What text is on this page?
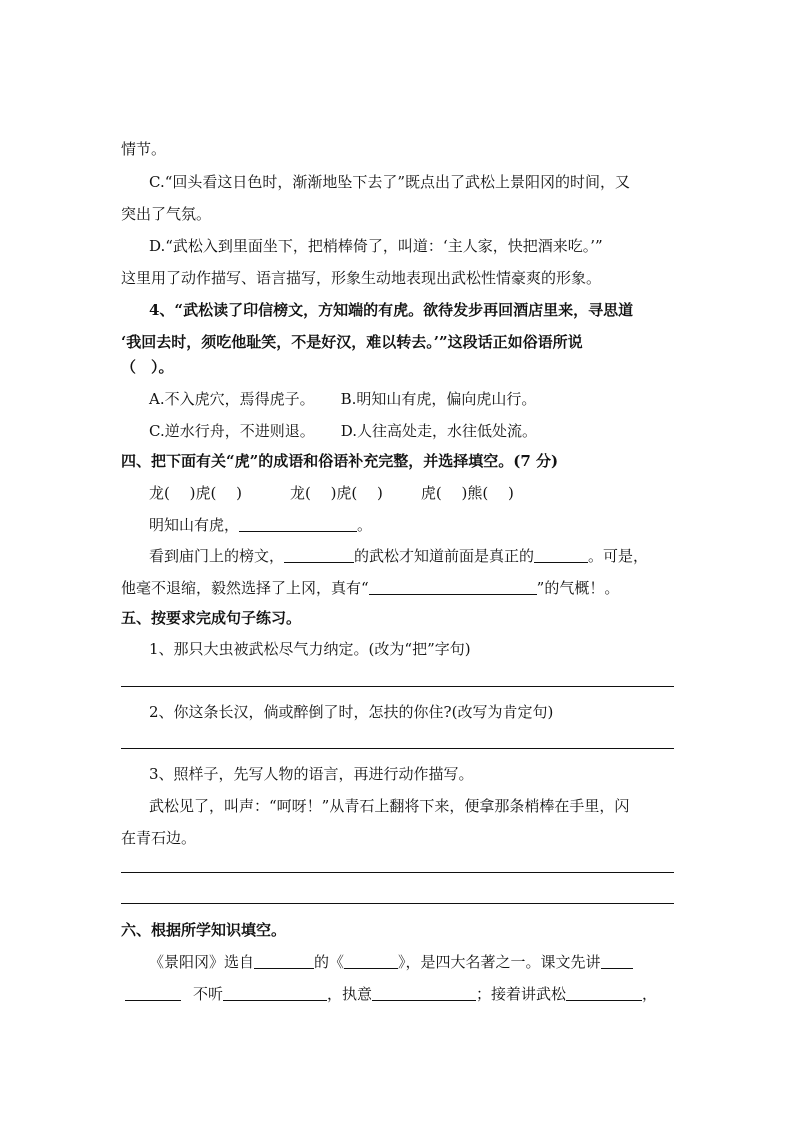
情节。
C.“回头看这日色时，渐渐地坠下去了”既点出了武松上景阳冈的时间，又
突出了气氛。
D.“武松入到里面坐下，把梢棒倚了，叫道：‘主人家，快把酒来吃。’”
这里用了动作描写、语言描写，形象生动地表现出武松性情豪爽的形象。
4、“武松读了印信榜文，方知端的有虎。欲待发步再回酒店里来，寻思道
‘我回去时，须吃他耻笑，不是好汉，难以转去。’”这段话正如俗语所说
（　）。
A.不入虎穴，焉得虎子。 B.明知山有虎，偏向虎山行。
C.逆水行舟，不进则退。 D.人往高处走，水往低处流。
四、把下面有关“虎”的成语和俗语补充完整，并选择填空。(7 分)
龙(　 )虎(　 )	龙(　 )虎(　 )	虎(　 )熊(　 )
明知山有虎，	。
看到庙门上的榜文，	的武松才知道前面是真正的	。可是，
他毫不退缩，毅然选择了上冈，真有“	”的气概！。
五、按要求完成句子练习。
1、那只大虫被武松尽气力纳定。(改为“把”字句)
2、你这条长汉，倘或醉倒了时，怎扶的你住?(改写为肯定句)
3、照样子，先写人物的语言，再进行动作描写。
武松见了，叫声：“呵呀！”从青石上翻将下来，便拿那条梢棒在手里，闪
在青石边。
六、根据所学知识填空。
《景阳冈》选自	的《	》，是四大名著之一。课文先讲
不听	，执意	；接着讲武松	，
